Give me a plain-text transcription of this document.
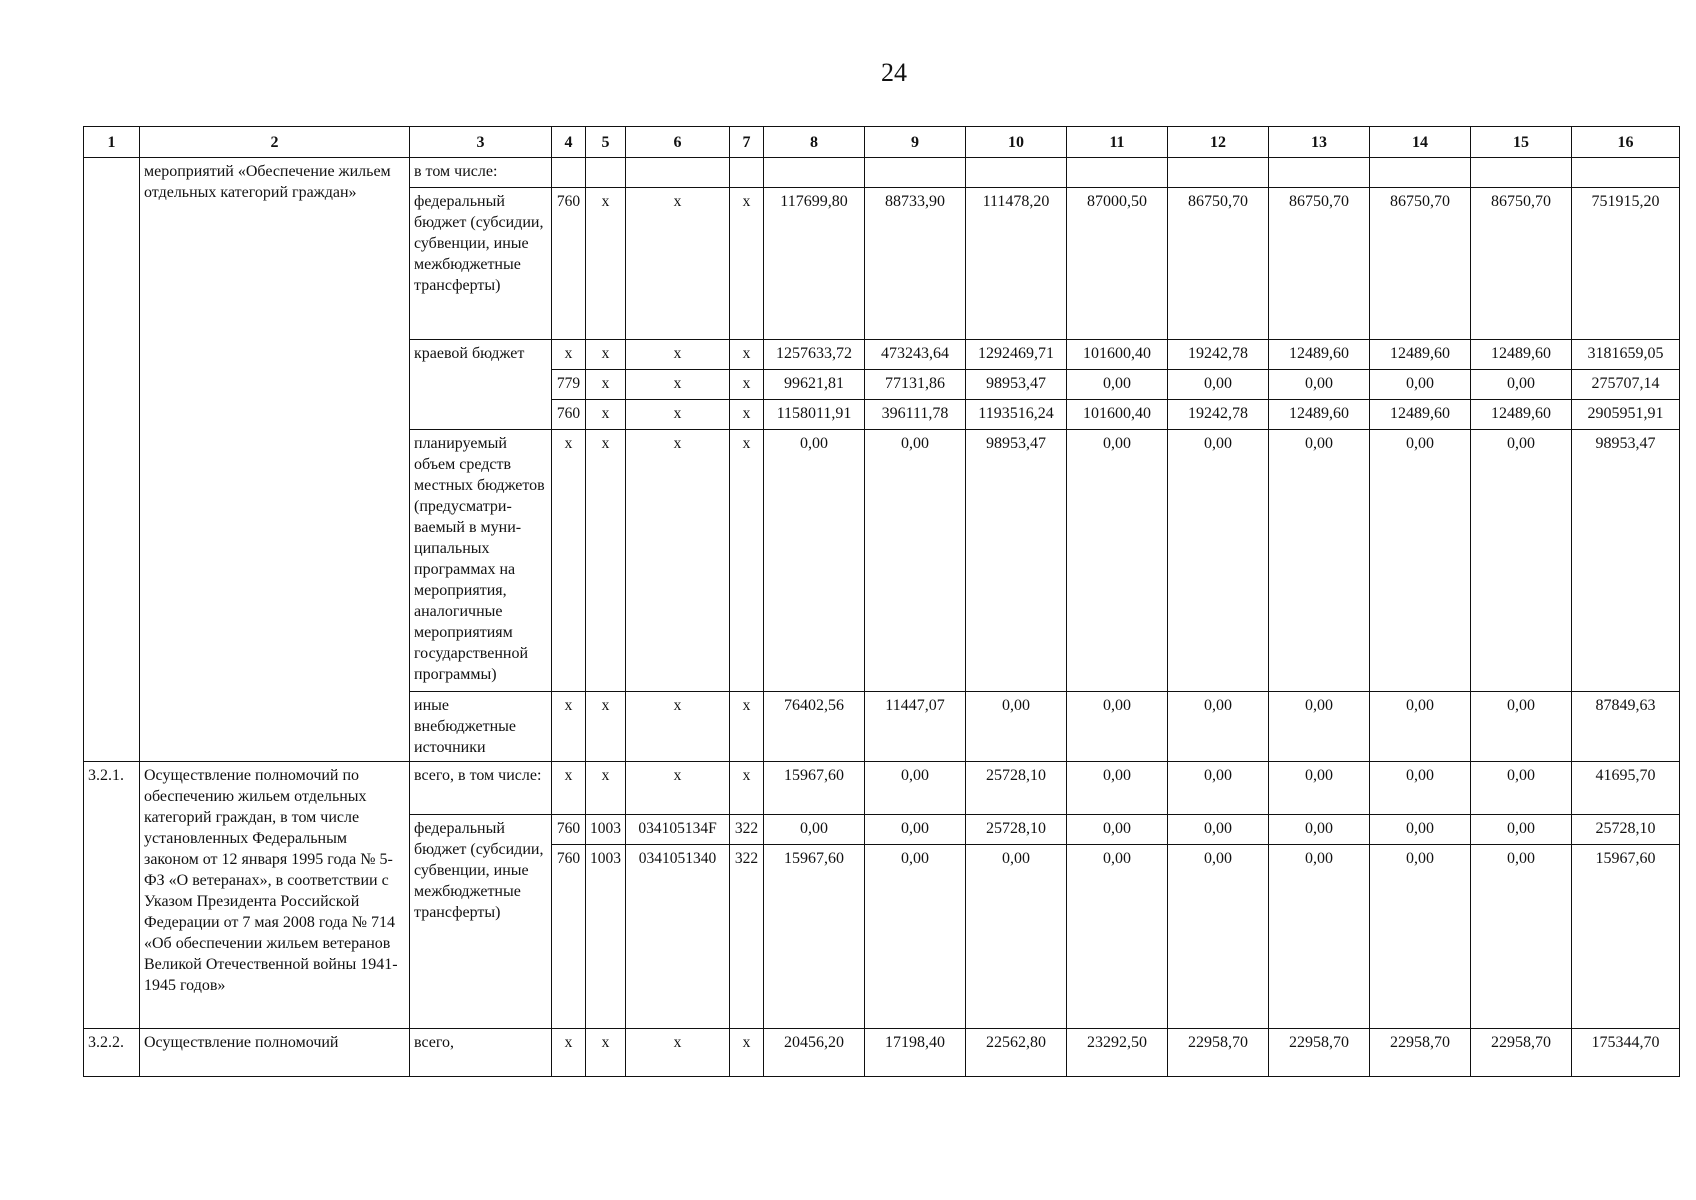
24
1	2	3	4	5	6	7	8	9	10	11	12	13	14	15	16
	мероприятий «Обеспечение жильем отдельных категорий граждан»	в том числе:													
		федеральный бюджет (субсидии, субвенции, иные межбюджетные трансферты)	760	х	х	х	117699,80	88733,90	111478,20	87000,50	86750,70	86750,70	86750,70	86750,70	751915,20
		краевой бюджет	х	х	х	х	1257633,72	473243,64	1292469,71	101600,40	19242,78	12489,60	12489,60	12489,60	3181659,05
			779	х	х	х	99621,81	77131,86	98953,47	0,00	0,00	0,00	0,00	0,00	275707,14
			760	х	х	х	1158011,91	396111,78	1193516,24	101600,40	19242,78	12489,60	12489,60	12489,60	2905951,91
		планируемый объем средств местных бюджетов (предусматри-ваемый в муни-ципальных программах на мероприятия, аналогичные мероприятиям государственной программы)	х	х	х	х	0,00	0,00	98953,47	0,00	0,00	0,00	0,00	0,00	98953,47
		иные внебюджетные источники	х	х	х	х	76402,56	11447,07	0,00	0,00	0,00	0,00	0,00	0,00	87849,63
3.2.1.	Осуществление полномочий по обеспечению жильем отдельных категорий граждан, в том числе установленных Федеральным законом от 12 января 1995 года № 5-ФЗ «О ветеранах», в соответствии с Указом Президента Российской Федерации от 7 мая 2008 года № 714 «Об обеспечении жильем ветеранов Великой Отечественной войны 1941-1945 годов»	всего, в том числе:	х	х	х	х	15967,60	0,00	25728,10	0,00	0,00	0,00	0,00	0,00	41695,70
		федеральный бюджет (субсидии, субвенции, иные межбюджетные трансферты)	760	1003	034105134F	322	0,00	0,00	25728,10	0,00	0,00	0,00	0,00	0,00	25728,10
			760	1003	0341051340	322	15967,60	0,00	0,00	0,00	0,00	0,00	0,00	0,00	15967,60
3.2.2.	Осуществление полномочий	всего,	х	х	х	х	20456,20	17198,40	22562,80	23292,50	22958,70	22958,70	22958,70	22958,70	175344,70
